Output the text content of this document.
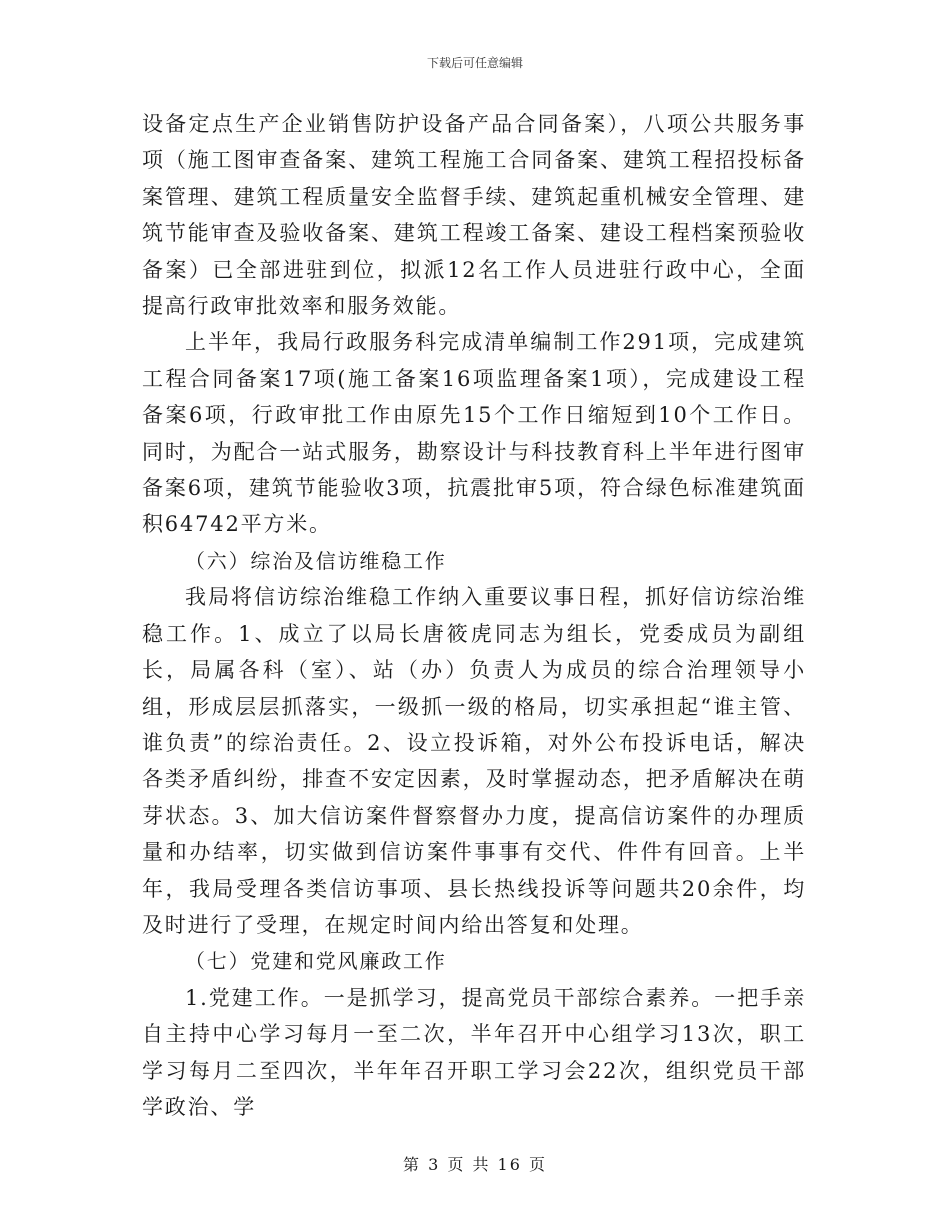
下载后可任意编辑

设备定点生产企业销售防护设备产品合同备案），八项公共服务事项（施工图审查备案、建筑工程施工合同备案、建筑工程招投标备案管理、建筑工程质量安全监督手续、建筑起重机械安全管理、建筑节能审查及验收备案、建筑工程竣工备案、建设工程档案预验收备案）已全部进驻到位，拟派12名工作人员进驻行政中心，全面提高行政审批效率和服务效能。

上半年，我局行政服务科完成清单编制工作291项，完成建筑工程合同备案17项(施工备案16项监理备案1项），完成建设工程备案6项，行政审批工作由原先15个工作日缩短到10个工作日。同时，为配合一站式服务，勘察设计与科技教育科上半年进行图审备案6项，建筑节能验收3项，抗震批审5项，符合绿色标准建筑面积64742平方米。

（六）综治及信访维稳工作

我局将信访综治维稳工作纳入重要议事日程，抓好信访综治维稳工作。1、成立了以局长唐筱虎同志为组长，党委成员为副组长，局属各科（室）、站（办）负责人为成员的综合治理领导小组，形成层层抓落实，一级抓一级的格局，切实承担起“谁主管、谁负责”的综治责任。2、设立投诉箱，对外公布投诉电话，解决各类矛盾纠纷，排查不安定因素，及时掌握动态，把矛盾解决在萌芽状态。3、加大信访案件督察督办力度，提高信访案件的办理质量和办结率，切实做到信访案件事事有交代、件件有回音。上半年，我局受理各类信访事项、县长热线投诉等问题共20余件，均及时进行了受理，在规定时间内给出答复和处理。

（七）党建和党风廉政工作

1.党建工作。一是抓学习，提高党员干部综合素养。一把手亲自主持中心学习每月一至二次，半年召开中心组学习13次，职工学习每月二至四次，半年年召开职工学习会22次，组织党员干部学政治、学

第 3 页 共 16 页
